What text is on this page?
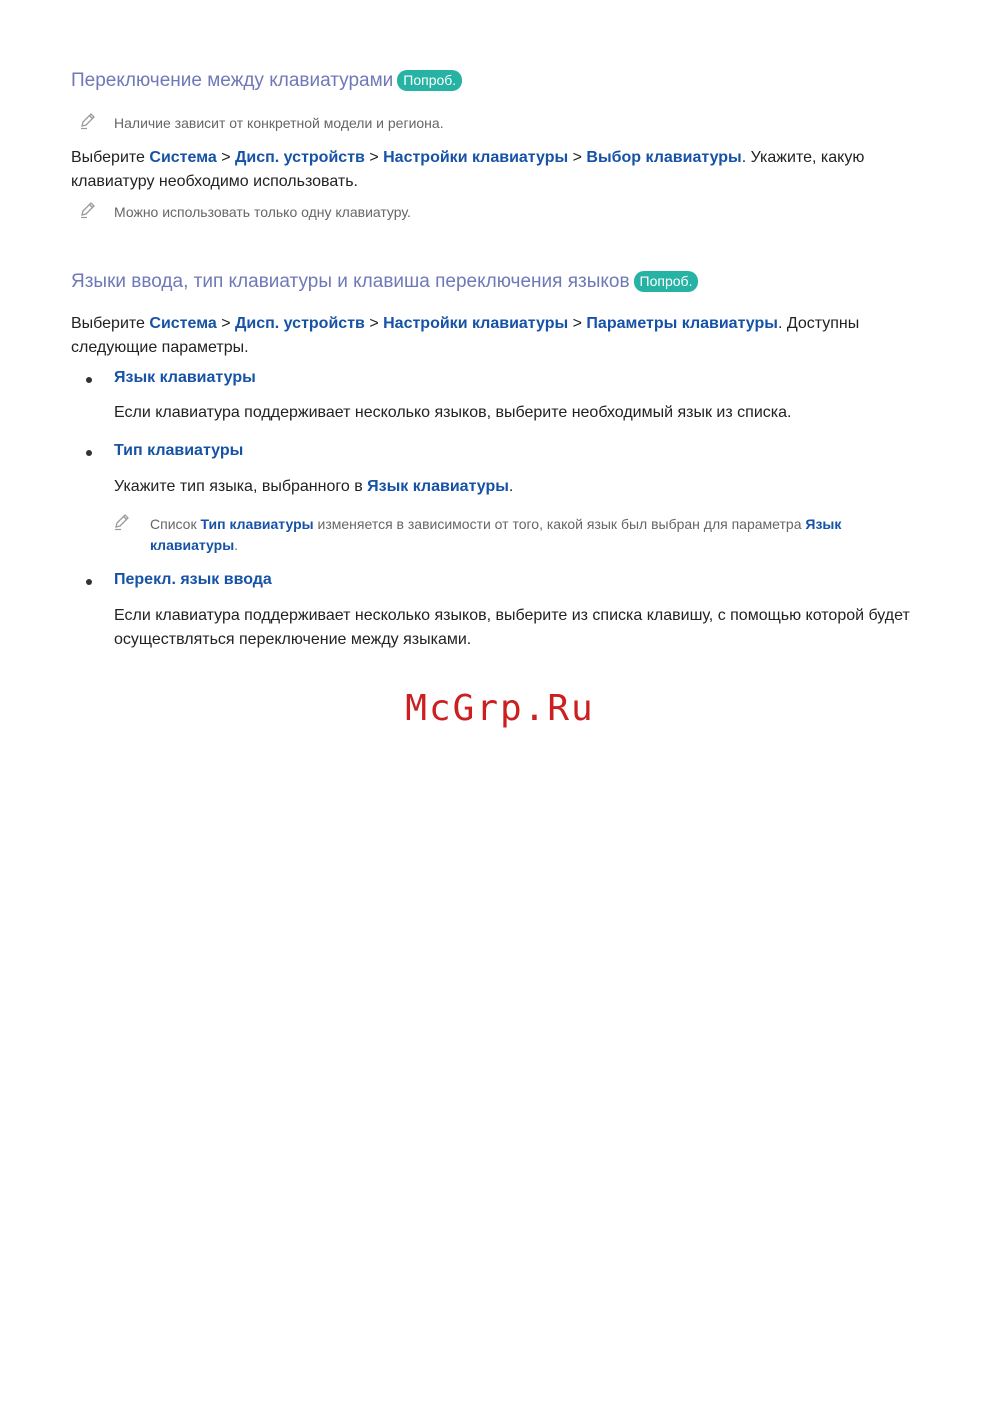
Переключение между клавиатурами Попроб.
Наличие зависит от конкретной модели и региона.

Выберите Система > Дисп. устройств > Настройки клавиатуры > Выбор клавиатуры. Укажите, какую клавиатуру необходимо использовать.

Можно использовать только одну клавиатуру.
Языки ввода, тип клавиатуры и клавиша переключения языков Попроб.

Выберите Система > Дисп. устройств > Настройки клавиатуры > Параметры клавиатуры. Доступны следующие параметры.

Язык клавиатуры

Если клавиатура поддерживает несколько языков, выберите необходимый язык из списка.

Тип клавиатуры

Укажите тип языка, выбранного в Язык клавиатуры.

Список Тип клавиатуры изменяется в зависимости от того, какой язык был выбран для параметра Язык клавиатуры.
Перекл. язык ввода

Если клавиатура поддерживает несколько языков, выберите из списка клавишу, с помощью которой будет осуществляться переключение между языками.

McGrp.Ru
